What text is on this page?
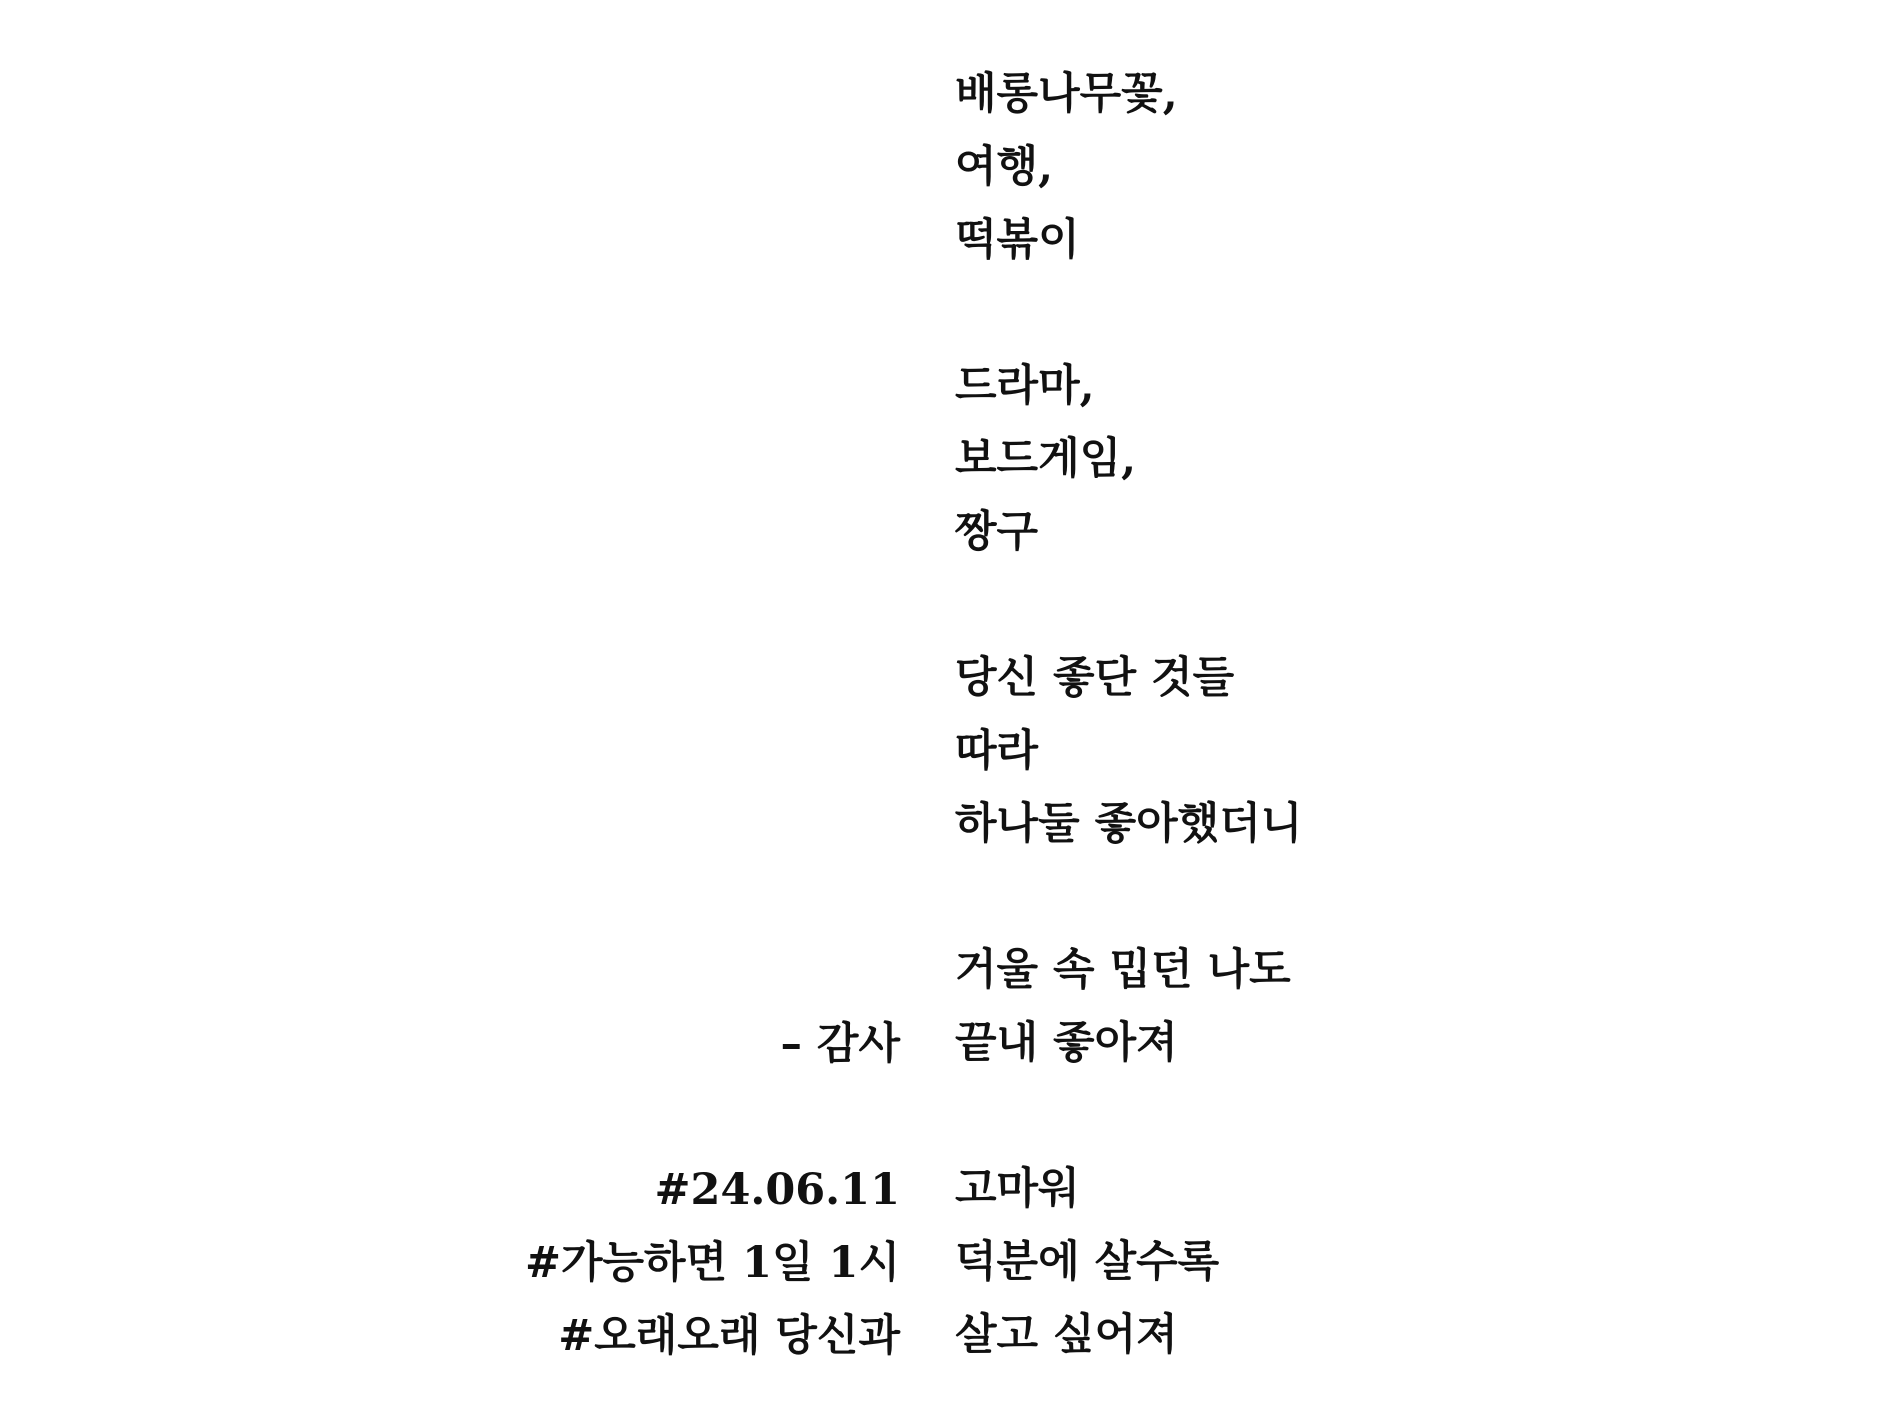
배롱나무꽃,
여행,
떡볶이
드라마,
보드게임,
짱구
당신 좋단 것들
따라
하나둘 좋아했더니
거울 속 밉던 나도
끝내 좋아져
고마워
덕분에 살수록
살고 싶어져
– 감사
#24.06.11
#가능하면 1일 1시
#오래오래 당신과
